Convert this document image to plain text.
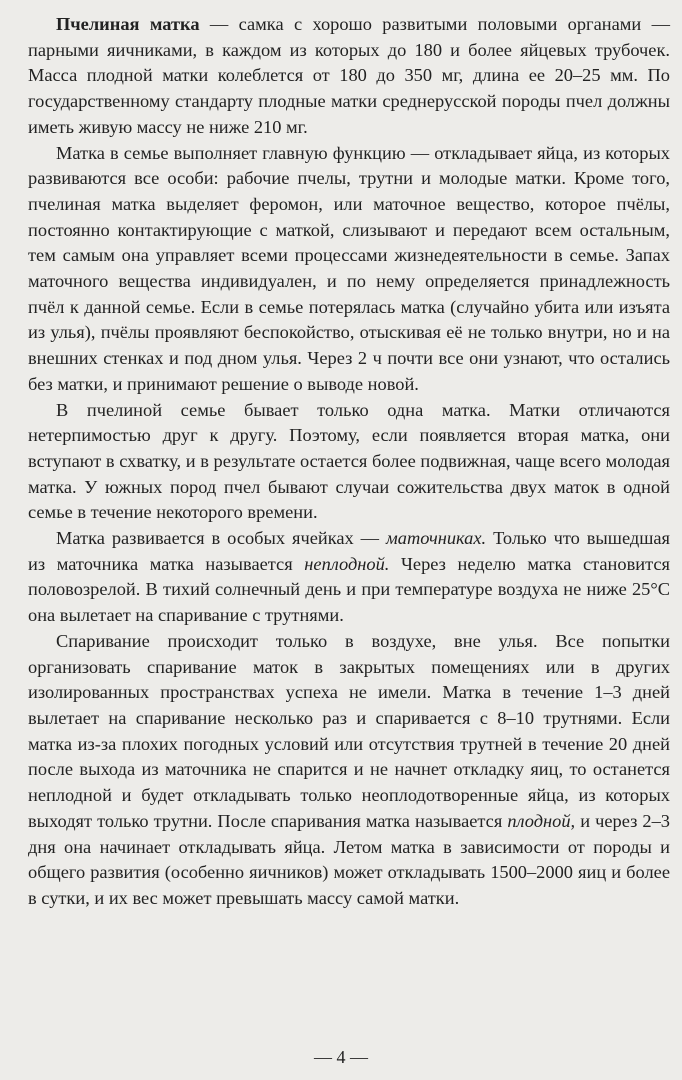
Пчелиная матка — самка с хорошо развитыми половыми органами — парными яичниками, в каждом из которых до 180 и более яйцевых трубочек. Масса плодной матки колеблется от 180 до 350 мг, длина ее 20–25 мм. По государственному стандарту плодные матки среднерусской породы пчел должны иметь живую массу не ниже 210 мг.

Матка в семье выполняет главную функцию — откладывает яйца, из которых развиваются все особи: рабочие пчелы, трутни и молодые матки. Кроме того, пчелиная матка выделяет феромон, или маточное вещество, которое пчёлы, постоянно контактирующие с маткой, слизывают и передают всем остальным, тем самым она управляет всеми процессами жизнедеятельности в семье. Запах маточного вещества индивидуален, и по нему определяется принадлежность пчёл к данной семье. Если в семье потерялась матка (случайно убита или изъята из улья), пчёлы проявляют беспокойство, отыскивая её не только внутри, но и на внешних стенках и под дном улья. Через 2 ч почти все они узнают, что остались без матки, и принимают решение о выводе новой.

В пчелиной семье бывает только одна матка. Матки отличаются нетерпимостью друг к другу. Поэтому, если появляется вторая матка, они вступают в схватку, и в результате остается более подвижная, чаще всего молодая матка. У южных пород пчел бывают случаи сожительства двух маток в одной семье в течение некоторого времени.

Матка развивается в особых ячейках — маточниках. Только что вышедшая из маточника матка называется неплодной. Через неделю матка становится половозрелой. В тихий солнечный день и при температуре воздуха не ниже 25°С она вылетает на спаривание с трутнями.

Спаривание происходит только в воздухе, вне улья. Все попытки организовать спаривание маток в закрытых помещениях или в других изолированных пространствах успеха не имели. Матка в течение 1–3 дней вылетает на спаривание несколько раз и спаривается с 8–10 трутнями. Если матка из-за плохих погодных условий или отсутствия трутней в течение 20 дней после выхода из маточника не спарится и не начнет откладку яиц, то останется неплодной и будет откладывать только неоплодотворенные яйца, из которых выходят только трутни. После спаривания матка называется плодной, и через 2–3 дня она начинает откладывать яйца. Летом матка в зависимости от породы и общего развития (особенно яичников) может откладывать 1500–2000 яиц и более в сутки, и их вес может превышать массу самой матки.

— 4 —
